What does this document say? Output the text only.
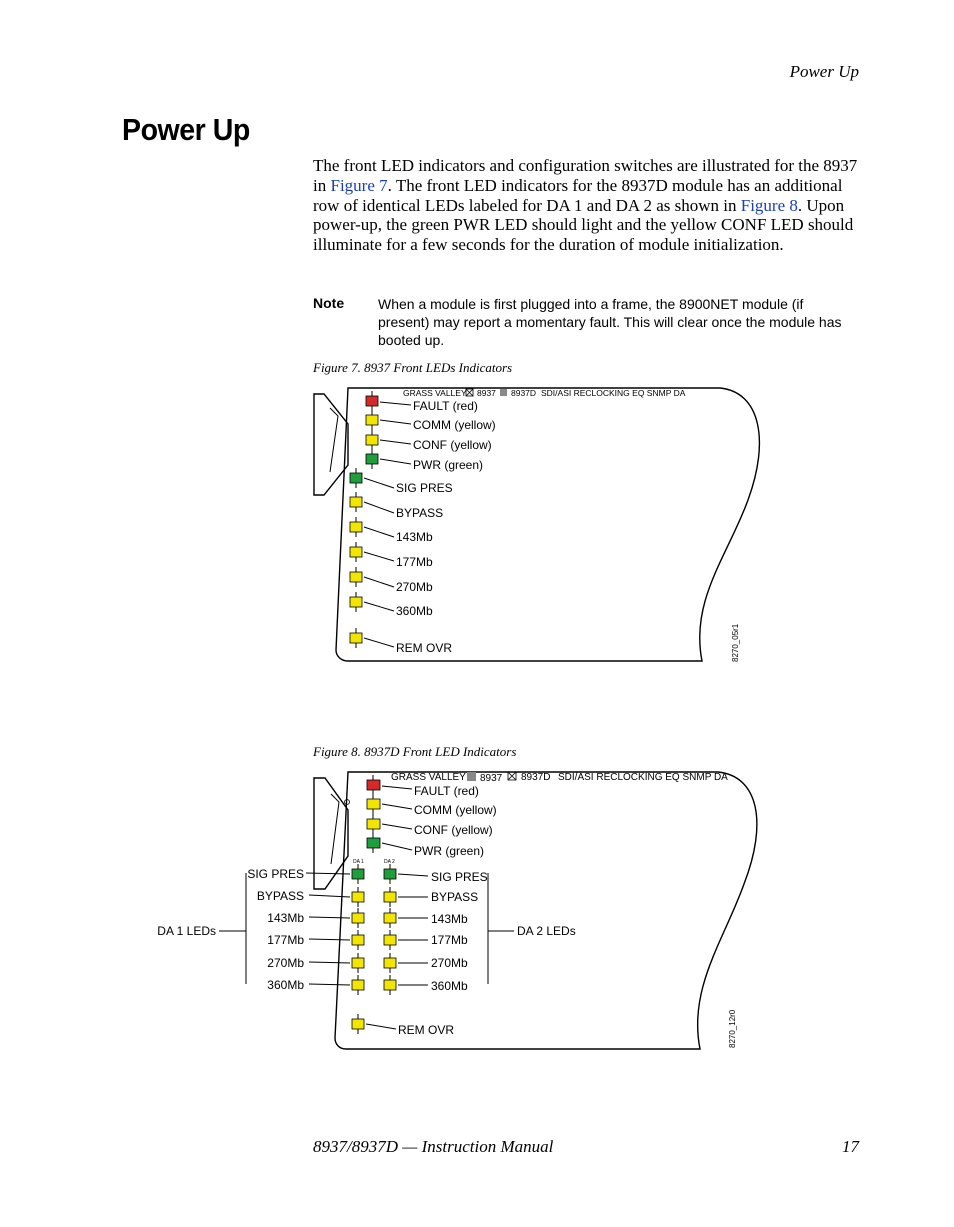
Power Up
Power Up

The front LED indicators and configuration switches are illustrated for the 8937 in Figure 7. The front LED indicators for the 8937D module has an additional row of identical LEDs labeled for DA 1 and DA 2 as shown in Figure 8. Upon power-up, the green PWR LED should light and the yellow CONF LED should illuminate for a few seconds for the duration of module initialization.

Note When a module is first plugged into a frame, the 8900NET module (if present) may report a momentary fault. This will clear once the module has booted up.
Figure 7. 8937 Front LEDs Indicators
GRASS VALLEY 8937 8937D SDI/ASI RECLOCKING EQ SNMP DA
FAULT (red)
COMM (yellow)
CONF (yellow)
PWR (green)
SIG PRES
BYPASS
143Mb
177Mb
270Mb
360Mb
REM OVR	8270_05r1
Figure 8. 8937D Front LED Indicators
GRASS VALLEY 8937 8937D SDI/ASI RECLOCKING EQ SNMP DA
DA 1	DA 2
FAULT (red)
COMM (yellow)
CONF (yellow)
PWR (green)
SIG PRES
BYPASS
143Mb
177Mb
270Mb
360Mb
SIG PRES
BYPASS
143Mb
177Mb
270Mb
360Mb
REM OVR
DA 1 LEDs	DA 2 LEDs
8270_12r0
8937/8937D — Instruction Manual	17
